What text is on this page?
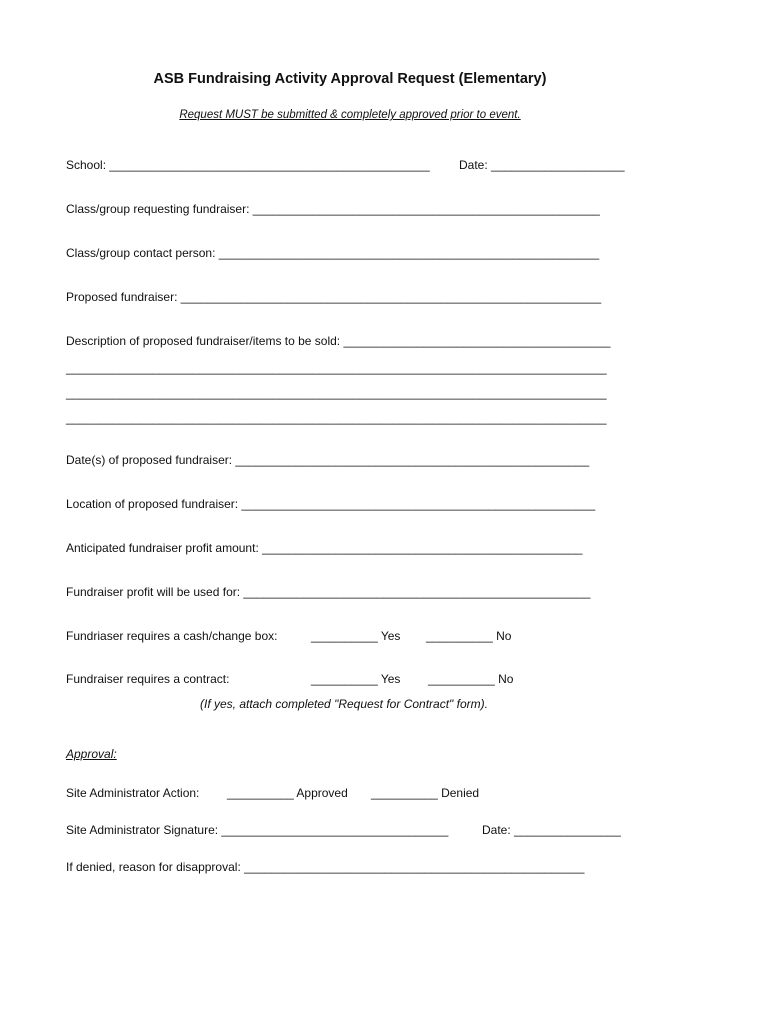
ASB Fundraising Activity Approval Request (Elementary)
Request MUST be submitted & completely approved prior to event.
School: ________________________________________________ Date: ____________________
Class/group requesting fundraiser: ____________________________________________________
Class/group contact person: _________________________________________________________
Proposed fundraiser: _______________________________________________________________
Description of proposed fundraiser/items to be sold: ________________________________________
_________________________________________________________________________________
_________________________________________________________________________________
_________________________________________________________________________________
Date(s) of proposed fundraiser: _____________________________________________________
Location of proposed fundraiser: _____________________________________________________
Anticipated fundraiser profit amount: ________________________________________________
Fundraiser profit will be used for: ____________________________________________________
Fundriaser requires a cash/change box:	__________ Yes __________ No
Fundraiser requires a contract:	__________ Yes __________ No
(If yes, attach completed "Request for Contract" form).
Approval:
Site Administrator Action: __________ Approved __________ Denied
Site Administrator Signature: __________________________________	Date: ________________
If denied, reason for disapproval: ___________________________________________________
